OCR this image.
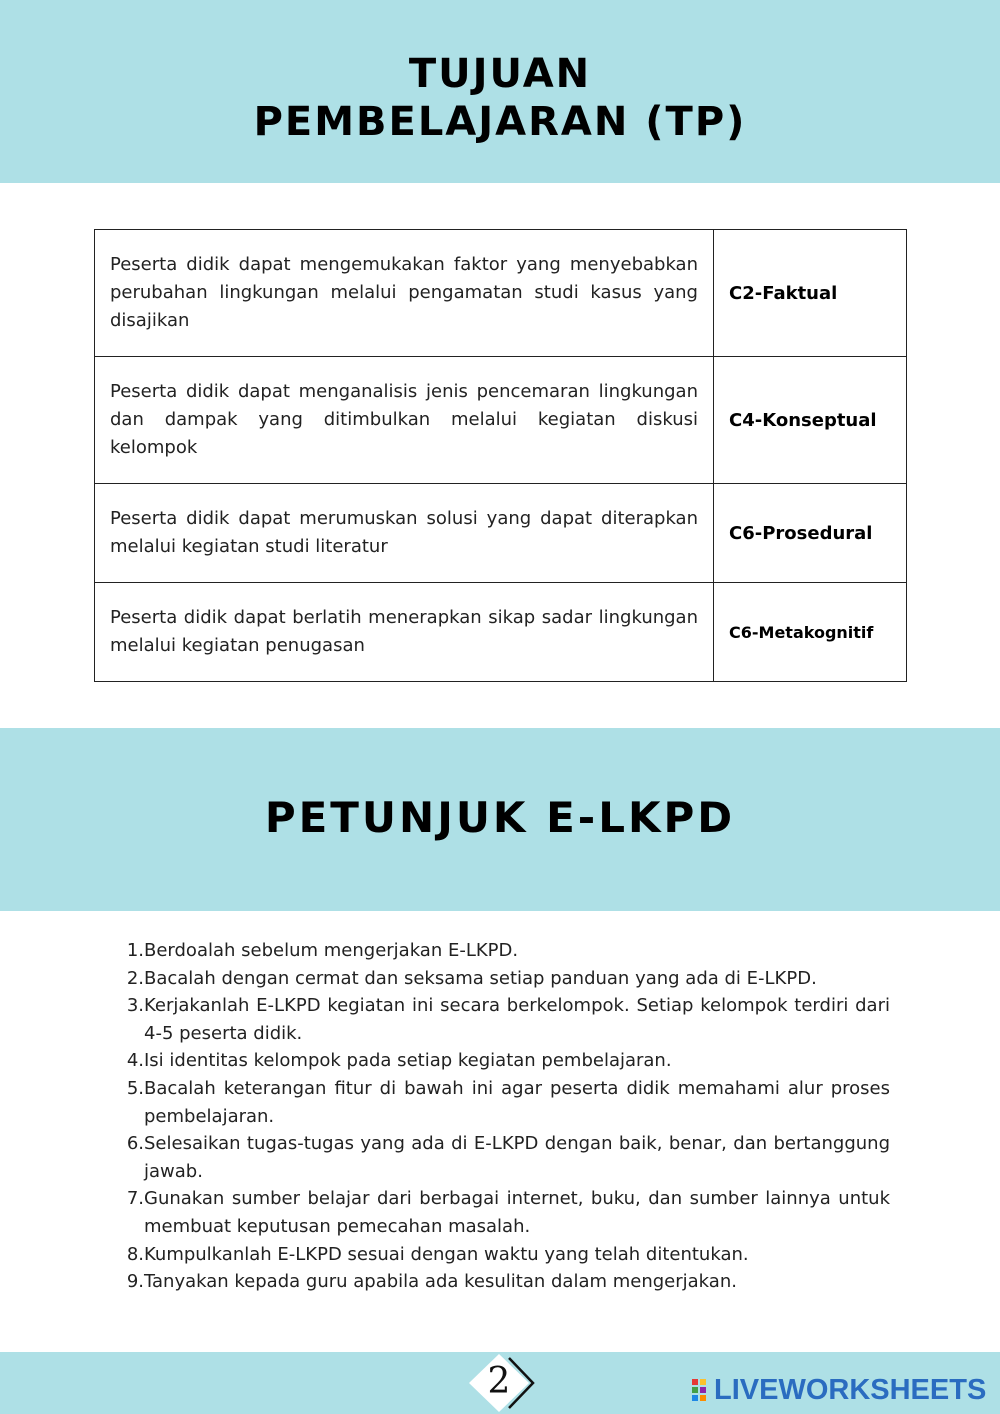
TUJUAN
PEMBELAJARAN (TP)
Peserta didik dapat mengemukakan faktor yang menyebabkan perubahan lingkungan melalui pengamatan studi kasus yang disajikan	C2-Faktual
Peserta didik dapat menganalisis jenis pencemaran lingkungan dan dampak yang ditimbulkan melalui kegiatan diskusi kelompok	C4-Konseptual
Peserta didik dapat merumuskan solusi yang dapat diterapkan melalui kegiatan studi literatur	C6-Prosedural
Peserta didik dapat berlatih menerapkan sikap sadar lingkungan melalui kegiatan penugasan	C6-Metakognitif
PETUNJUK E-LKPD
1. Berdoalah sebelum mengerjakan E-LKPD.
2. Bacalah dengan cermat dan seksama setiap panduan yang ada di E-LKPD.
3. Kerjakanlah E-LKPD kegiatan ini secara berkelompok. Setiap kelompok terdiri dari 4-5 peserta didik.
4. Isi identitas kelompok pada setiap kegiatan pembelajaran.
5. Bacalah keterangan fitur di bawah ini agar peserta didik memahami alur proses pembelajaran.
6. Selesaikan tugas-tugas yang ada di E-LKPD dengan baik, benar, dan bertanggung jawab.
7. Gunakan sumber belajar dari berbagai internet, buku, dan sumber lainnya untuk membuat keputusan pemecahan masalah.
8. Kumpulkanlah E-LKPD sesuai dengan waktu yang telah ditentukan.
9. Tanyakan kepada guru apabila ada kesulitan dalam mengerjakan.
2	LIVEWORKSHEETS
